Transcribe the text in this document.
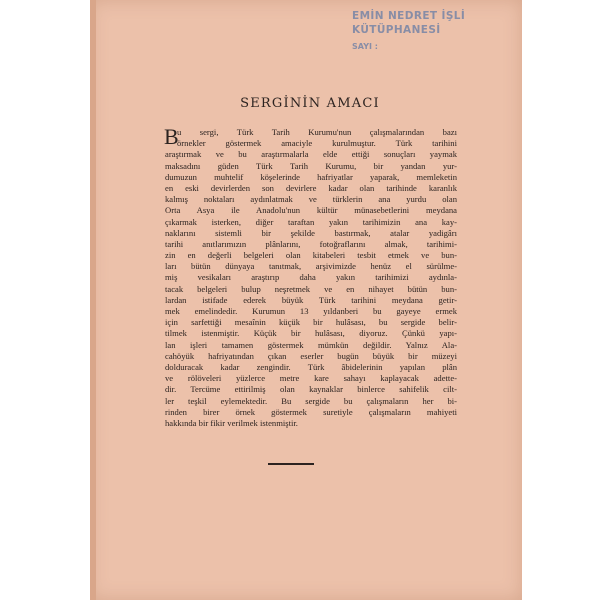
EMİN NEDRET İŞLİ
KÜTÜPHANESİ
SAYI :
SERGİNİN AMACI
B
u sergi, Türk Tarih Kurumu'nun çalışmalarından bazı
örnekler göstermek amaciyle kurulmuştur. Türk tarihini
araştırmak ve bu araştırmalarla elde ettiği sonuçları yaymak
maksadını güden Türk Tarih Kurumu, bir yandan yur-
dumuzun muhtelif köşelerinde hafriyatlar yaparak, memleketin
en eski devirlerden son devirlere kadar olan tarihinde karanlık
kalmış noktaları aydınlatmak ve türklerin ana yurdu olan
Orta Asya ile Anadolu'nun kültür münasebetlerini meydana
çıkarmak isterken, diğer taraftan yakın tarihimizin ana kay-
naklarını sistemli bir şekilde bastırmak, atalar yadigârı
tarihi anıtlarımızın plânlarını, fotoğraflarını almak, tarihimi-
zin en değerli belgeleri olan kitabeleri tesbit etmek ve bun-
ları bütün dünyaya tanıtmak, arşivimizde henüz el sürülme-
miş vesikaları araştırıp daha yakın tarihimizi aydınla-
tacak belgeleri bulup neşretmek ve en nihayet bütün bun-
lardan istifade ederek büyük Türk tarihini meydana getir-
mek emelindedir. Kurumun 13 yıldanberi bu gayeye ermek
için sarfettiği mesaînin küçük bir hulâsası, bu sergide belir-
tilmek istenmiştir. Küçük bir hulâsası, diyoruz. Çünkü yapı-
lan işleri tamamen göstermek mümkün değildir. Yalnız Ala-
cahöyük hafriyatından çıkan eserler bugün büyük bir müzeyi
dolduracak kadar zengindir. Türk âbidelerinin yapılan plân
ve rölöveleri yüzlerce metre kare sahayı kaplayacak adette-
dir. Tercüme ettirilmiş olan kaynaklar binlerce sahifelik cilt-
ler teşkil eylemektedir. Bu sergide bu çalışmaların her bi-
rinden birer örnek göstermek suretiyle çalışmaların mahiyeti
hakkında bir fikir verilmek istenmiştir.
